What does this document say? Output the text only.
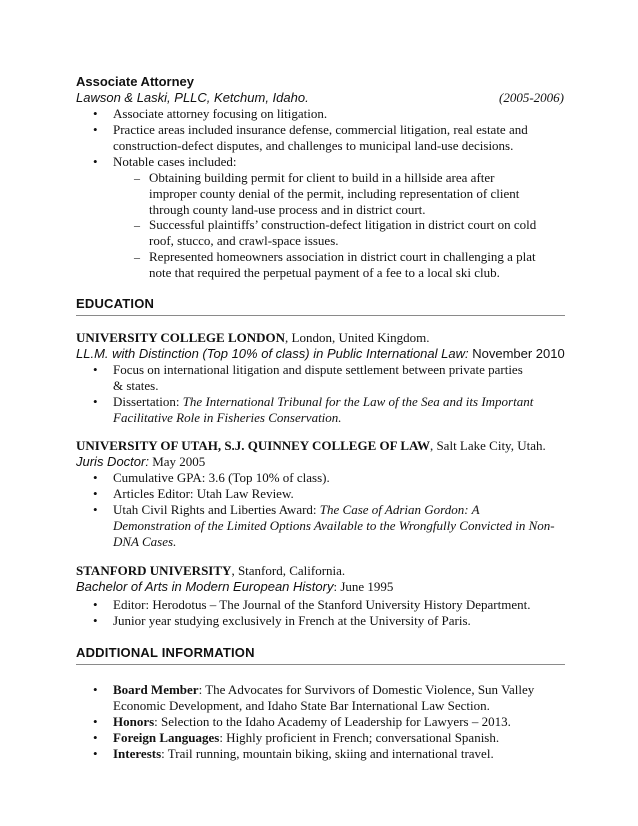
Associate Attorney
Lawson & Laski, PLLC, Ketchum, Idaho.	(2005-2006)
• Associate attorney focusing on litigation.
• Practice areas included insurance defense, commercial litigation, real estate and
construction-defect disputes, and challenges to municipal land-use decisions.
• Notable cases included:
– Obtaining building permit for client to build in a hillside area after
improper county denial of the permit, including representation of client
through county land-use process and in district court.
– Successful plaintiffs’ construction-defect litigation in district court on cold
roof, stucco, and crawl-space issues.
– Represented homeowners association in district court in challenging a plat
note that required the perpetual payment of a fee to a local ski club.
EDUCATION
UNIVERSITY COLLEGE LONDON, London, United Kingdom.
LL.M. with Distinction (Top 10% of class) in Public International Law: November 2010
• Focus on international litigation and dispute settlement between private parties
& states.
• Dissertation: The International Tribunal for the Law of the Sea and its Important
Facilitative Role in Fisheries Conservation.
UNIVERSITY OF UTAH, S.J. QUINNEY COLLEGE OF LAW, Salt Lake City, Utah.
Juris Doctor: May 2005
• Cumulative GPA: 3.6 (Top 10% of class).
• Articles Editor: Utah Law Review.
• Utah Civil Rights and Liberties Award: The Case of Adrian Gordon: A
Demonstration of the Limited Options Available to the Wrongfully Convicted in Non-
DNA Cases.
STANFORD UNIVERSITY, Stanford, California.
Bachelor of Arts in Modern European History: June 1995
• Editor: Herodotus – The Journal of the Stanford University History Department.
• Junior year studying exclusively in French at the University of Paris.
ADDITIONAL INFORMATION
• Board Member: The Advocates for Survivors of Domestic Violence, Sun Valley
Economic Development, and Idaho State Bar International Law Section.
• Honors: Selection to the Idaho Academy of Leadership for Lawyers – 2013.
• Foreign Languages: Highly proficient in French; conversational Spanish.
• Interests: Trail running, mountain biking, skiing and international travel.
